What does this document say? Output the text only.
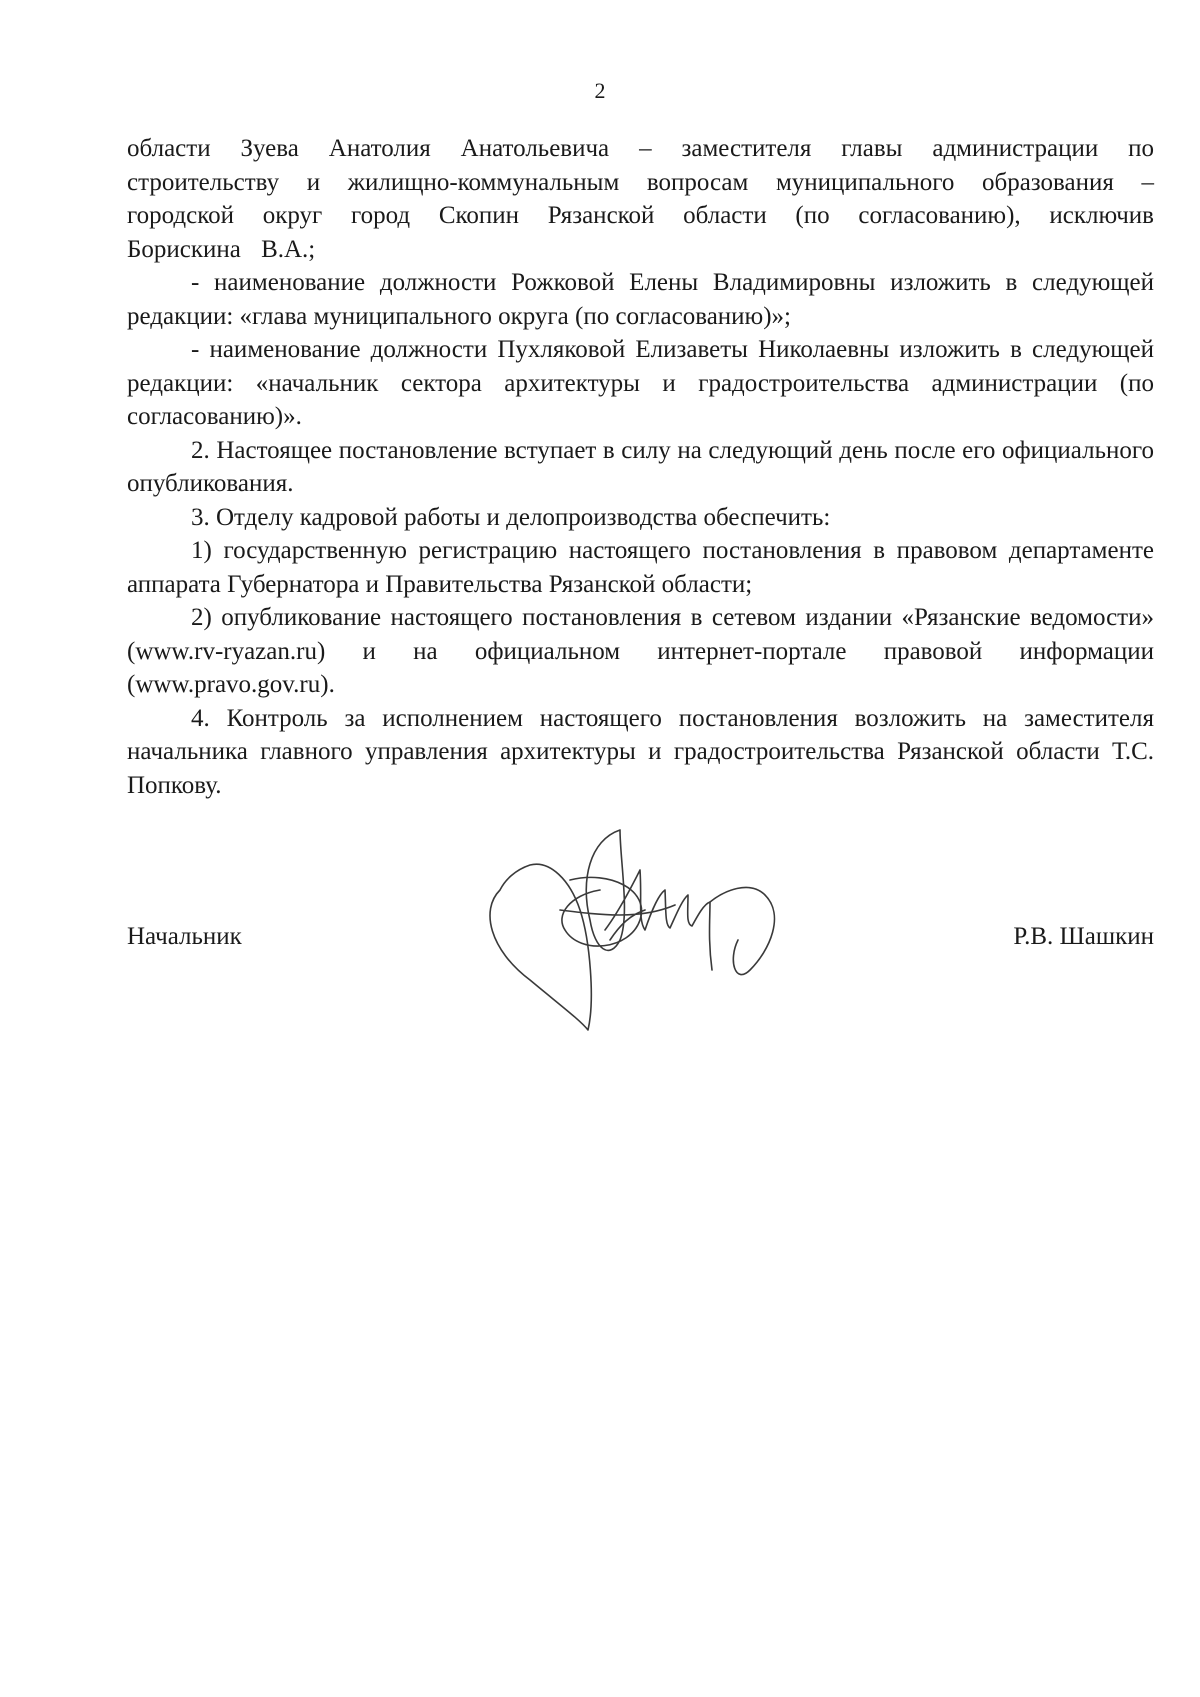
2

области Зуева Анатолия Анатольевича – заместителя главы администрации по строительству и жилищно-коммунальным вопросам муниципального образования – городской округ город Скопин Рязанской области (по согласованию), исключив Борискина В.А.;

- наименование должности Рожковой Елены Владимировны изложить в следующей редакции: «глава муниципального округа (по согласованию)»;

- наименование должности Пухляковой Елизаветы Николаевны изложить в следующей редакции: «начальник сектора архитектуры и градостроительства администрации (по согласованию)».

2. Настоящее постановление вступает в силу на следующий день после его официального опубликования.

3. Отделу кадровой работы и делопроизводства обеспечить:

1) государственную регистрацию настоящего постановления в правовом департаменте аппарата Губернатора и Правительства Рязанской области;

2) опубликование настоящего постановления в сетевом издании «Рязанские ведомости» (www.rv-ryazan.ru) и на официальном интернет-портале правовой информации (www.pravo.gov.ru).

4. Контроль за исполнением настоящего постановления возложить на заместителя начальника главного управления архитектуры и градостроительства Рязанской области Т.С. Попкову.

Начальник	Р.В. Шашкин
